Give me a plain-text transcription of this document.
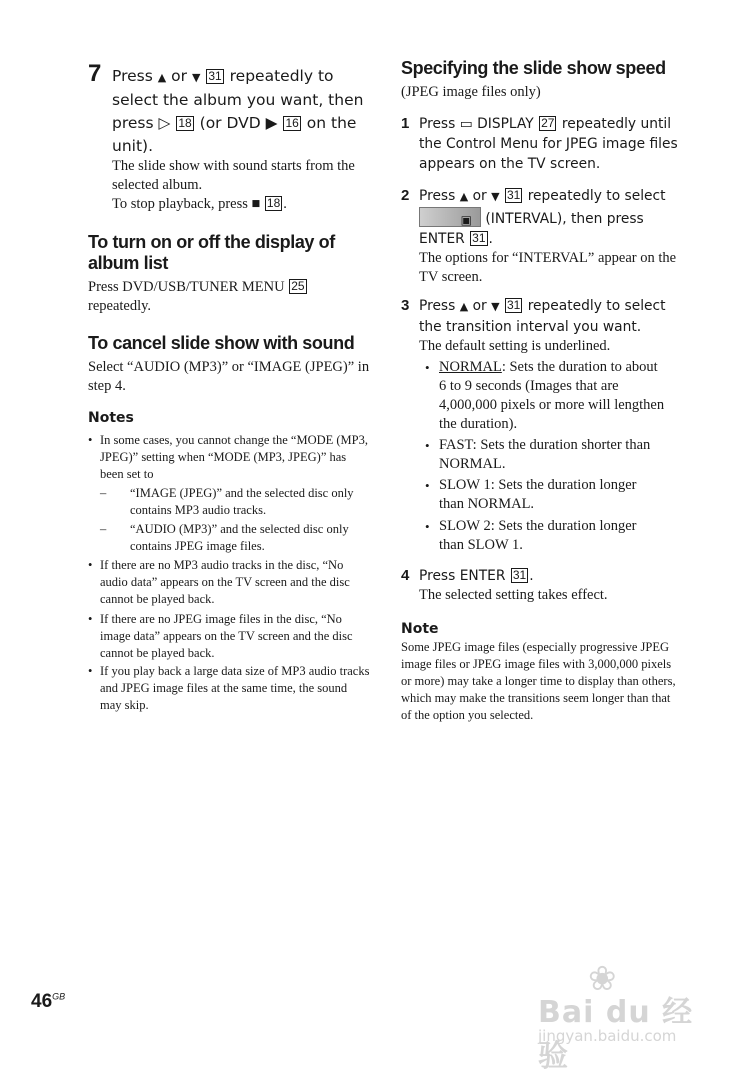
7 Press ▲ or ▼ 31 repeatedly to select the album you want, then press ▷ 18 (or DVD ▶ 16 on the unit).
The slide show with sound starts from the selected album.
To stop playback, press ■ 18 .
To turn on or off the display of album list
Press DVD/USB/TUNER MENU 25 repeatedly.
To cancel slide show with sound
Select “AUDIO (MP3)” or “IMAGE (JPEG)” in step 4.
Notes
• In some cases, you cannot change the “MODE (MP3, JPEG)” setting when “MODE (MP3, JPEG)” has been set to
– “IMAGE (JPEG)” and the selected disc only contains MP3 audio tracks.
– “AUDIO (MP3)” and the selected disc only contains JPEG image files.
• If there are no MP3 audio tracks in the disc, “No audio data” appears on the TV screen and the disc cannot be played back.
• If there are no JPEG image files in the disc, “No image data” appears on the TV screen and the disc cannot be played back.
• If you play back a large data size of MP3 audio tracks and JPEG image files at the same time, the sound may skip.
Specifying the slide show speed
(JPEG image files only)
1 Press ▭ DISPLAY 27 repeatedly until the Control Menu for JPEG image files appears on the TV screen.
2 Press ▲ or ▼ 31 repeatedly to select
▣ (INTERVAL), then press ENTER 31 .
The options for “INTERVAL” appear on the TV screen.
3 Press ▲ or ▼ 31 repeatedly to select the transition interval you want.
The default setting is underlined.
• NORMAL: Sets the duration to about 6 to 9 seconds (Images that are 4,000,000 pixels or more will lengthen the duration).
• FAST: Sets the duration shorter than NORMAL.
• SLOW 1: Sets the duration longer than NORMAL.
• SLOW 2: Sets the duration longer than SLOW 1.
4 Press ENTER 31 .
The selected setting takes effect.
Note
Some JPEG image files (especially progressive JPEG image files or JPEG image files with 3,000,000 pixels or more) may take a longer time to display than others, which may make the transitions seem longer than that of the option you selected.
$46^{GB}$	❀
Bai du 经验
jingyan.baidu.com
